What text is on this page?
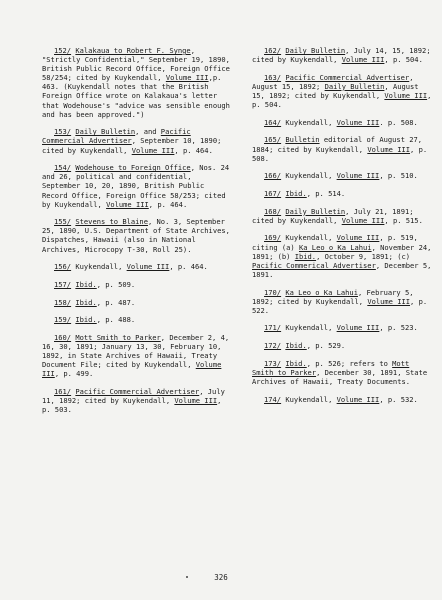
152/ Kalakaua to Robert F. Synge, "Strictly Confidential," September 19, 1890, British Public Record Office, Foreign Office 58/254; cited by Kuykendall, Volume III,p. 463. (Kuykendall notes that the British Foreign Office wrote on Kalakaua's letter that Wodehouse's "advice was sensible enough and has been approved.")

153/ Daily Bulletin, and Pacific Commercial Advertiser, September 10, 1890; cited by Kuykendall, Volume III, p. 464.

154/ Wodehouse to Foreign Office, Nos. 24 and 26, political and confidential, September 10, 20, 1890, British Public Record Office, Foreign Office 58/253; cited by Kuykendall, Volume III, p. 464.

155/ Stevens to Blaine, No. 3, September 25, 1890, U.S. Department of State Archives, Dispatches, Hawaii (also in National Archives, Microcopy T-30, Roll 25).

156/ Kuykendall, Volume III, p. 464.

157/ Ibid., p. 509.

158/ Ibid., p. 487.

159/ Ibid., p. 488.

160/ Mott Smith to Parker, December 2, 4, 16, 30, 1891; January 13, 30, February 10, 1892, in State Archives of Hawaii, Treaty Document File; cited by Kuykendall, Volume III, p. 499.

161/ Pacific Commercial Advertiser, July 11, 1892; cited by Kuykendall, Volume III, p. 503.

162/ Daily Bulletin, July 14, 15, 1892; cited by Kuykendall, Volume III, p. 504.

163/ Pacific Commercial Advertiser, August 15, 1892; Daily Bulletin, August 15, 1892; cited by Kuykendall, Volume III, p. 504.

164/ Kuykendall, Volume III. p. 508.

165/ Bulletin editorial of August 27, 1884; cited by Kuykendall, Volume III, p. 508.

166/ Kuykendall, Volume III, p. 510.

167/ Ibid., p. 514.

168/ Daily Bulletin, July 21, 1891; cited by Kuykendall, Volume III, p. 515.

169/ Kuykendall, Volume III, p. 519, citing (a) Ka Leo o Ka Lahui, November 24, 1891; (b) Ibid., October 9, 1891; (c) Pacific Commerical Advertiser, December 5, 1891.

170/ Ka Leo o Ka Lahui, February 5, 1892; cited by Kuykendall, Volume III, p. 522.

171/ Kuykendall, Volume III, p. 523.

172/ Ibid., p. 529.

173/ Ibid., p. 526; refers to Mott Smith to Parker, December 30, 1891, State Archives of Hawaii, Treaty Documents.

174/ Kuykendall, Volume III, p. 532.

326
